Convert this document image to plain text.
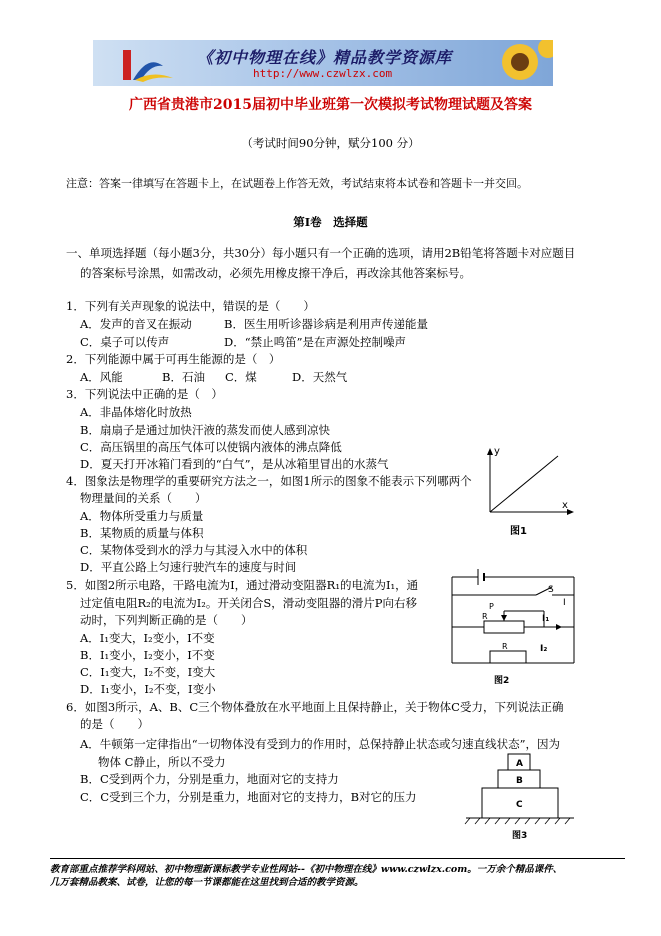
《初中物理在线》精品教学资源库
http://www.czwlzx.com
广西省贵港市2015届初中毕业班第一次模拟考试物理试题及答案
（考试时间90分钟，赋分100 分）
注意：答案一律填写在答题卡上，在试题卷上作答无效，考试结束将本试卷和答题卡一并交回。
第I卷　选择题
一、单项选择题（每小题3分，共30分）每小题只有一个正确的选项，请用2B铅笔将答题卡对应题目
的答案标号涂黑，如需改动，必须先用橡皮擦干净后，再改涂其他答案标号。
1．下列有关声现象的说法中，错误的是（　　）
A．发声的音叉在振动	B．医生用听诊器诊病是利用声传递能量
C．桌子可以传声	D．“禁止鸣笛”是在声源处控制噪声
2．下列能源中属于可再生能源的是（　）
A．风能	B．石油 C．煤	D．天然气
3．下列说法中正确的是（　）
A．非晶体熔化时放热
B．扇扇子是通过加快汗液的蒸发而使人感到凉快
C．高压锅里的高压气体可以使锅内液体的沸点降低
D．夏天打开冰箱门看到的“白气”，是从冰箱里冒出的水蒸气
4．图象法是物理学的重要研究方法之一，如图1所示的图象不能表示下列哪两个
物理量间的关系（　　）
A．物体所受重力与质量
B．某物质的质量与体积
C．某物体受到水的浮力与其浸入水中的体积
D．平直公路上匀速行驶汽车的速度与时间
y
x
图1
5．如图2所示电路，干路电流为I，通过滑动变阻器R₁的电流为I₁，通
过定值电阻R₂的电流为I₂。开关闭合S，滑动变阻器的滑片P向右移
动时，下列判断正确的是（　　）
A．I₁变大，I₂变小，I不变
B．I₁变小，I₂变小，I不变
C．I₁变大，I₂不变，I变大
D．I₁变小，I₂不变，I变小
S
P
R
R
I₁
I₂
I
图2
6．如图3所示，A、B、C三个物体叠放在水平地面上且保持静止，关于物体C受力，下列说法正确
的是（　　）
A．牛顿第一定律指出“一切物体没有受到力的作用时，总保持静止状态或匀速直线状态”，因为
物体 C静止，所以不受力
B．C受到两个力，分别是重力，地面对它的支持力
C．C受到三个力，分别是重力，地面对它的支持力，B对它的压力
A
B
C
图3
教育部重点推荐学科网站、初中物理新课标教学专业性网站--《初中物理在线》www.czwlzx.com。一万余个精品课件、
几万套精品教案、试卷，让您的每一节课都能在这里找到合适的教学资源。
